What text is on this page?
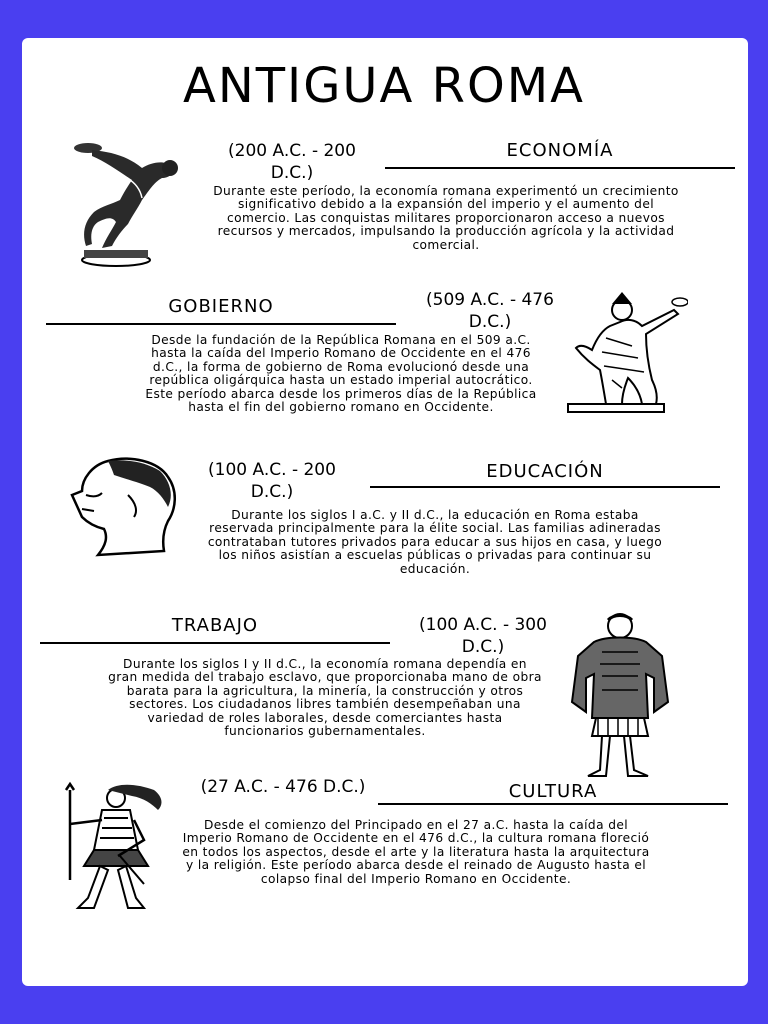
ANTIGUA ROMA
(200 A.C. - 200 D.C.)
ECONOMÍA
Durante este período, la economía romana experimentó un crecimiento significativo debido a la expansión del imperio y el aumento del comercio. Las conquistas militares proporcionaron acceso a nuevos recursos y mercados, impulsando la producción agrícola y la actividad comercial.
GOBIERNO	(509 A.C. - 476 D.C.)
Desde la fundación de la República Romana en el 509 a.C. hasta la caída del Imperio Romano de Occidente en el 476 d.C., la forma de gobierno de Roma evolucionó desde una república oligárquica hasta un estado imperial autocrático. Este período abarca desde los primeros días de la República hasta el fin del gobierno romano en Occidente.
(100 A.C. - 200 D.C.)
EDUCACIÓN
Durante los siglos I a.C. y II d.C., la educación en Roma estaba reservada principalmente para la élite social. Las familias adineradas contrataban tutores privados para educar a sus hijos en casa, y luego los niños asistían a escuelas públicas o privadas para continuar su educación.
TRABAJO	(100 A.C. - 300 D.C.)
Durante los siglos I y II d.C., la economía romana dependía en gran medida del trabajo esclavo, que proporcionaba mano de obra barata para la agricultura, la minería, la construcción y otros sectores. Los ciudadanos libres también desempeñaban una variedad de roles laborales, desde comerciantes hasta funcionarios gubernamentales.
(27 A.C. - 476 D.C.)	CULTURA
Desde el comienzo del Principado en el 27 a.C. hasta la caída del Imperio Romano de Occidente en el 476 d.C., la cultura romana floreció en todos los aspectos, desde el arte y la literatura hasta la arquitectura y la religión. Este período abarca desde el reinado de Augusto hasta el colapso final del Imperio Romano en Occidente.
